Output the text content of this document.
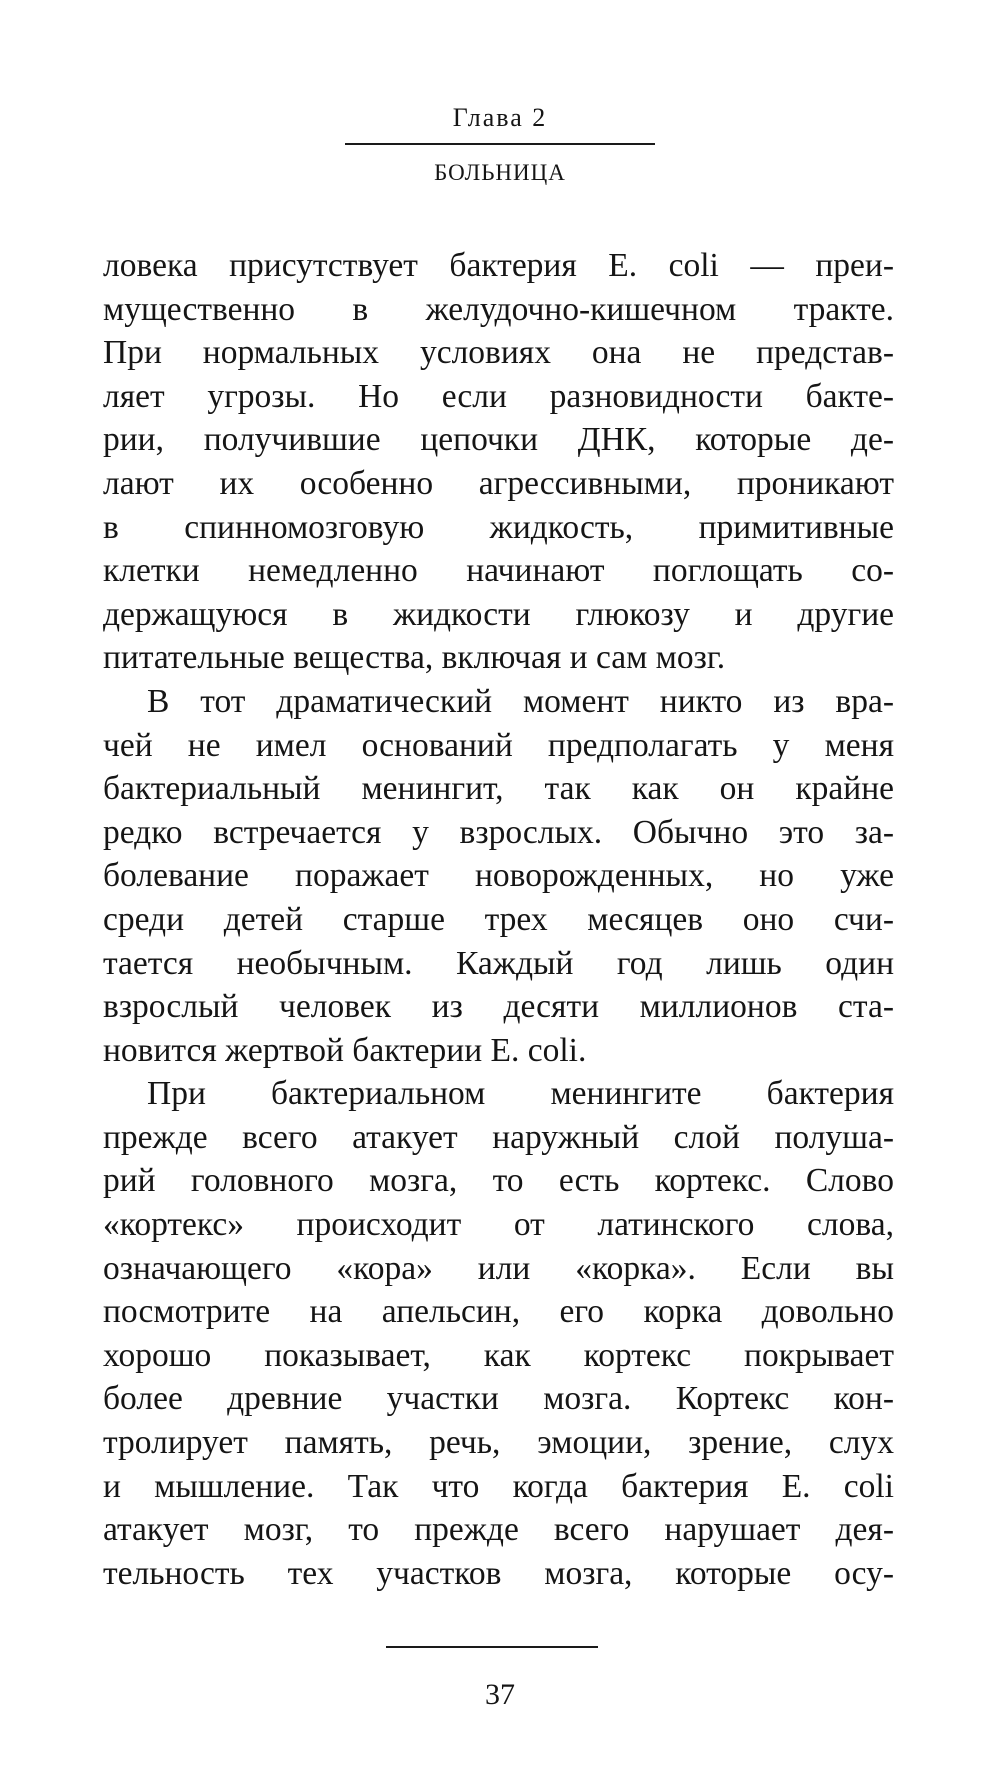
Глава 2
БОЛЬНИЦА
ловека присутствует бактерия E. coli — преи-
мущественно в желудочно-кишечном тракте.
При нормальных условиях она не представ-
ляет угрозы. Но если разновидности бакте-
рии, получившие цепочки ДНК, которые де-
лают их особенно агрессивными, проникают
в спинномозговую жидкость, примитивные
клетки немедленно начинают поглощать со-
держащуюся в жидкости глюкозу и другие
питательные вещества, включая и сам мозг.
В тот драматический момент никто из вра-
чей не имел оснований предполагать у меня
бактериальный менингит, так как он крайне
редко встречается у взрослых. Обычно это за-
болевание поражает новорожденных, но уже
среди детей старше трех месяцев оно счи-
тается необычным. Каждый год лишь один
взрослый человек из десяти миллионов ста-
новится жертвой бактерии E. coli.
При бактериальном менингите бактерия
прежде всего атакует наружный слой полуша-
рий головного мозга, то есть кортекс. Слово
«кортекс» происходит от латинского слова,
означающего «кора» или «корка». Если вы
посмотрите на апельсин, его корка довольно
хорошо показывает, как кортекс покрывает
более древние участки мозга. Кортекс кон-
тролирует память, речь, эмоции, зрение, слух
и мышление. Так что когда бактерия E. coli
атакует мозг, то прежде всего нарушает дея-
тельность тех участков мозга, которые осу-
37
